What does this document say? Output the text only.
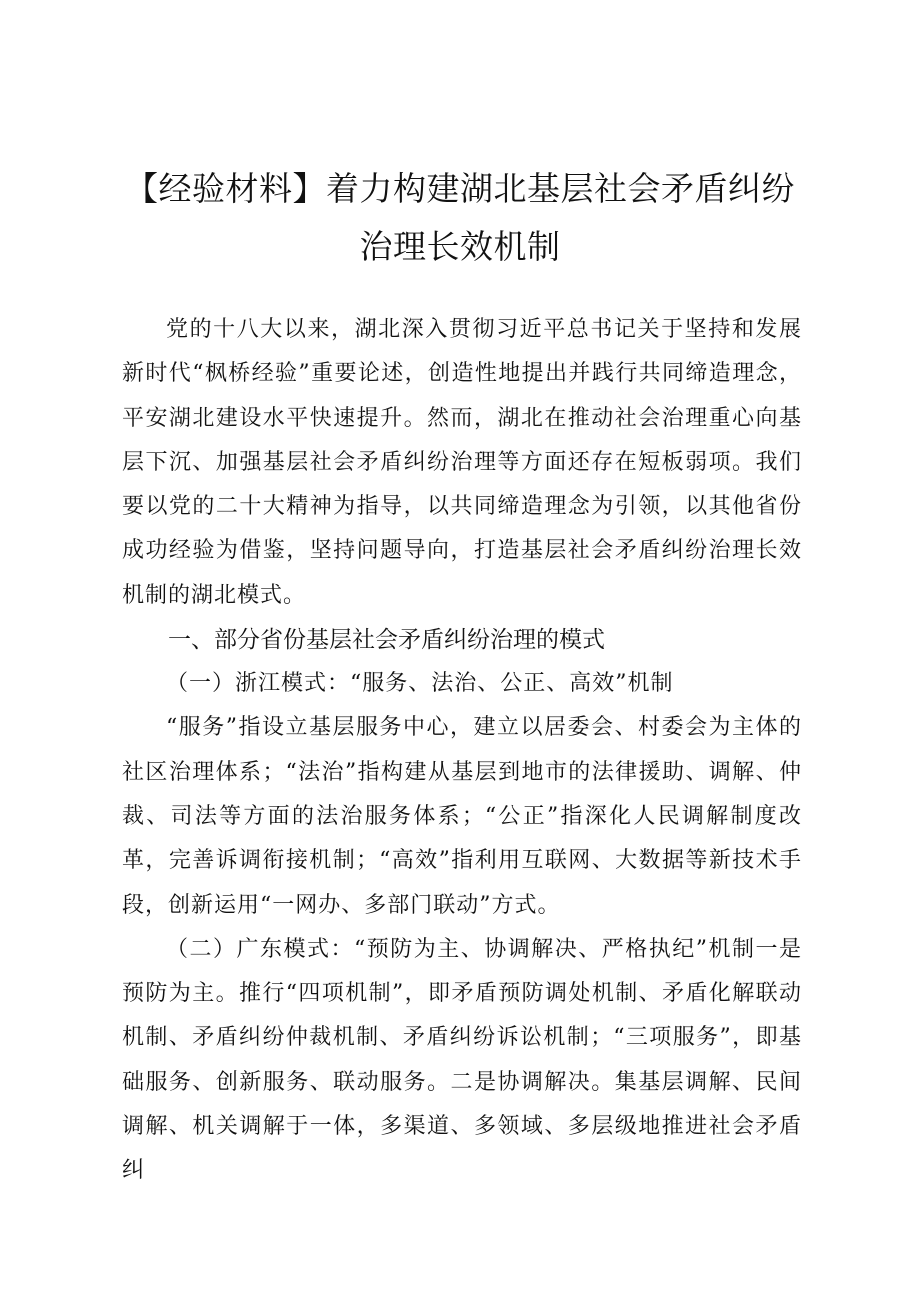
【经验材料】着力构建湖北基层社会矛盾纠纷
治理长效机制

党的十八大以来，湖北深入贯彻习近平总书记关于坚持和发展新时代“枫桥经验”重要论述，创造性地提出并践行共同缔造理念，平安湖北建设水平快速提升。然而，湖北在推动社会治理重心向基层下沉、加强基层社会矛盾纠纷治理等方面还存在短板弱项。我们要以党的二十大精神为指导，以共同缔造理念为引领，以其他省份成功经验为借鉴，坚持问题导向，打造基层社会矛盾纠纷治理长效机制的湖北模式。

一、部分省份基层社会矛盾纠纷治理的模式

（一）浙江模式：“服务、法治、公正、高效”机制

“服务”指设立基层服务中心，建立以居委会、村委会为主体的社区治理体系；“法治”指构建从基层到地市的法律援助、调解、仲裁、司法等方面的法治服务体系；“公正”指深化人民调解制度改革，完善诉调衔接机制；“高效”指利用互联网、大数据等新技术手段，创新运用“一网办、多部门联动”方式。

（二）广东模式：“预防为主、协调解决、严格执纪”机制一是预防为主。推行“四项机制”，即矛盾预防调处机制、矛盾化解联动机制、矛盾纠纷仲裁机制、矛盾纠纷诉讼机制；“三项服务”，即基础服务、创新服务、联动服务。二是协调解决。集基层调解、民间调解、机关调解于一体，多渠道、多领域、多层级地推进社会矛盾纠
